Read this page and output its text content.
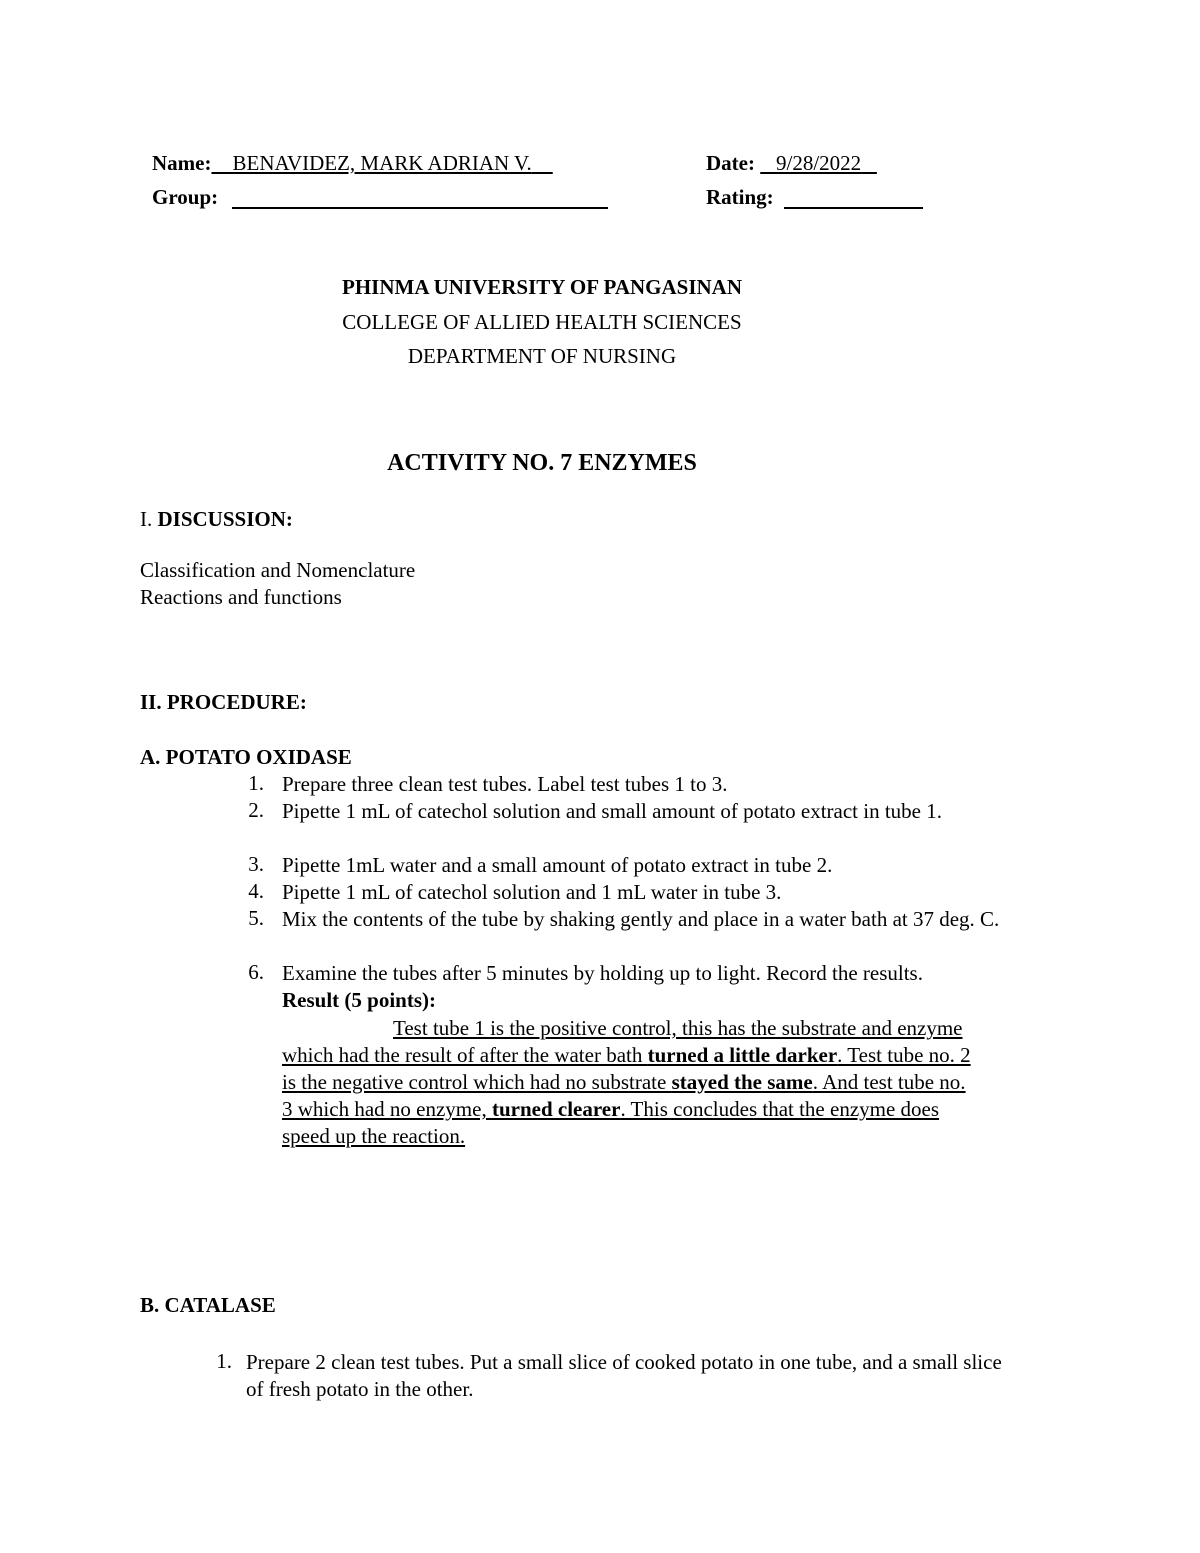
Name: BENAVIDEZ, MARK ADRIAN V.	Date: 9/28/2022
Group:	Rating:
PHINMA UNIVERSITY OF PANGASINAN
COLLEGE OF ALLIED HEALTH SCIENCES
DEPARTMENT OF NURSING
ACTIVITY NO. 7 ENZYMES
I. DISCUSSION:
Classification and Nomenclature
Reactions and functions
II. PROCEDURE:
A. POTATO OXIDASE
1. Prepare three clean test tubes. Label test tubes 1 to 3.
2. Pipette 1 mL of catechol solution and small amount of potato extract in tube 1.
3. Pipette 1mL water and a small amount of potato extract in tube 2.
4. Pipette 1 mL of catechol solution and 1 mL water in tube 3.
5. Mix the contents of the tube by shaking gently and place in a water bath at 37 deg. C.
6. Examine the tubes after 5 minutes by holding up to light. Record the results.
Result (5 points):
Test tube 1 is the positive control, this has the substrate and enzyme
which had the result of after the water bath turned a little darker. Test tube no. 2
is the negative control which had no substrate stayed the same. And test tube no.
3 which had no enzyme, turned clearer. This concludes that the enzyme does
speed up the reaction.
B. CATALASE
1. Prepare 2 clean test tubes. Put a small slice of cooked potato in one tube, and a small slice of fresh potato in the other.
